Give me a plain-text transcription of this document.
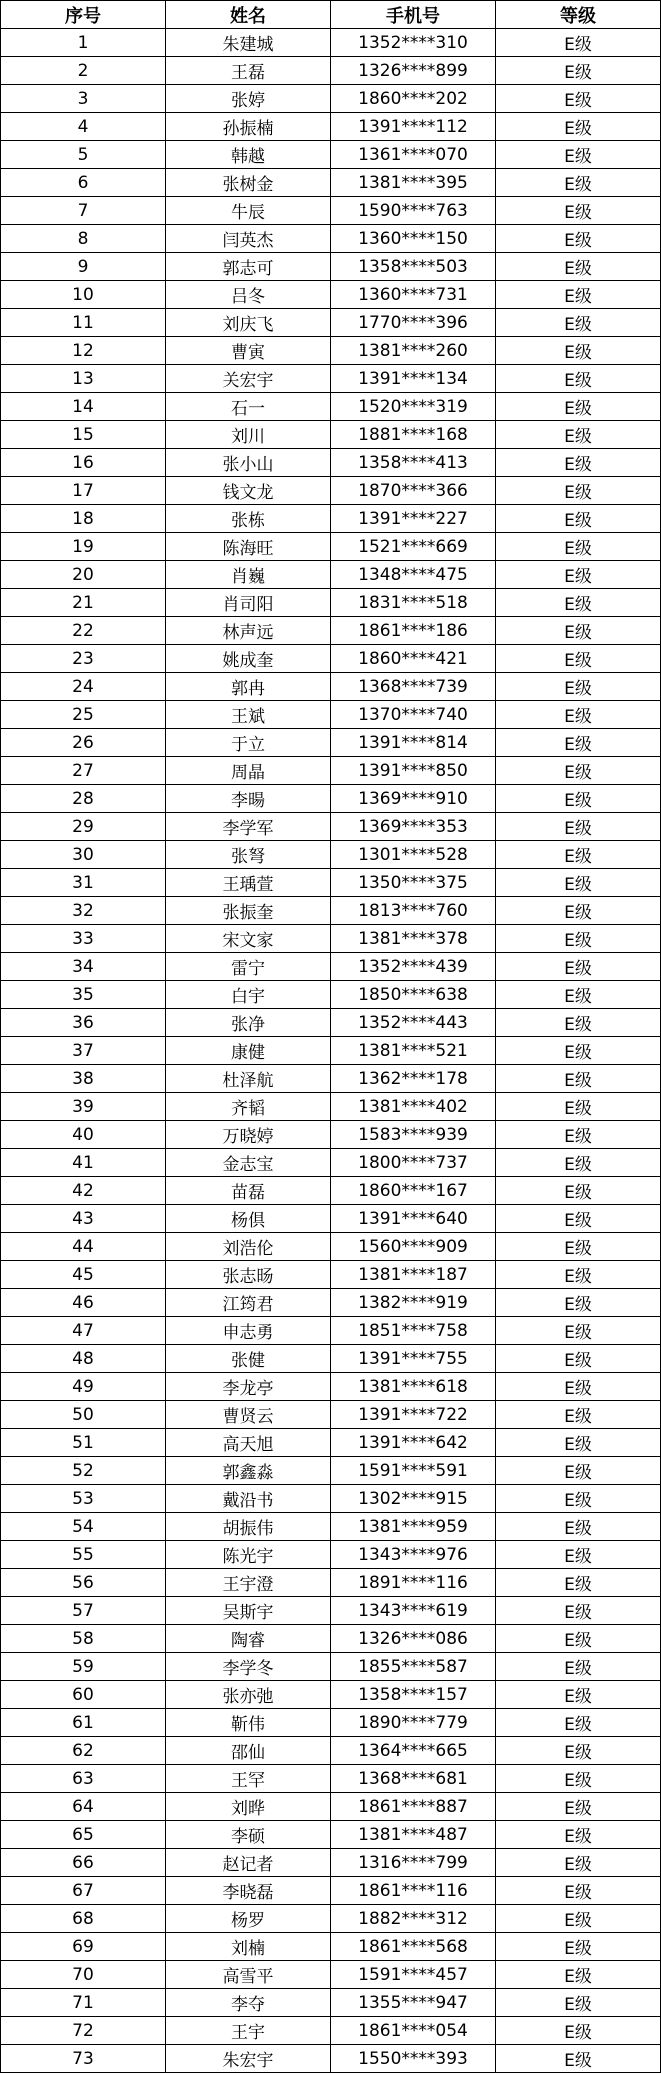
序号	姓名	手机号	等级
1	朱建城	1352****310	E级
2	王磊	1326****899	E级
3	张婷	1860****202	E级
4	孙振楠	1391****112	E级
5	韩越	1361****070	E级
6	张树金	1381****395	E级
7	牛辰	1590****763	E级
8	闫英杰	1360****150	E级
9	郭志可	1358****503	E级
10	吕冬	1360****731	E级
11	刘庆飞	1770****396	E级
12	曹寅	1381****260	E级
13	关宏宇	1391****134	E级
14	石一	1520****319	E级
15	刘川	1881****168	E级
16	张小山	1358****413	E级
17	钱文龙	1870****366	E级
18	张栋	1391****227	E级
19	陈海旺	1521****669	E级
20	肖巍	1348****475	E级
21	肖司阳	1831****518	E级
22	林声远	1861****186	E级
23	姚成奎	1860****421	E级
24	郭冉	1368****739	E级
25	王斌	1370****740	E级
26	于立	1391****814	E级
27	周晶	1391****850	E级
28	李暘	1369****910	E级
29	李学军	1369****353	E级
30	张弩	1301****528	E级
31	王瑀萱	1350****375	E级
32	张振奎	1813****760	E级
33	宋文家	1381****378	E级
34	雷宁	1352****439	E级
35	白宇	1850****638	E级
36	张净	1352****443	E级
37	康健	1381****521	E级
38	杜泽航	1362****178	E级
39	齐韬	1381****402	E级
40	万晓婷	1583****939	E级
41	金志宝	1800****737	E级
42	苗磊	1860****167	E级
43	杨倶	1391****640	E级
44	刘浩伦	1560****909	E级
45	张志旸	1381****187	E级
46	江筠君	1382****919	E级
47	申志勇	1851****758	E级
48	张健	1391****755	E级
49	李龙亭	1381****618	E级
50	曹贤云	1391****722	E级
51	高天旭	1391****642	E级
52	郭鑫淼	1591****591	E级
53	戴沿书	1302****915	E级
54	胡振伟	1381****959	E级
55	陈光宇	1343****976	E级
56	王宇澄	1891****116	E级
57	吴斯宇	1343****619	E级
58	陶睿	1326****086	E级
59	李学冬	1855****587	E级
60	张亦弛	1358****157	E级
61	靳伟	1890****779	E级
62	邵仙	1364****665	E级
63	王罕	1368****681	E级
64	刘晔	1861****887	E级
65	李硕	1381****487	E级
66	赵记者	1316****799	E级
67	李晓磊	1861****116	E级
68	杨罗	1882****312	E级
69	刘楠	1861****568	E级
70	高雪平	1591****457	E级
71	李夺	1355****947	E级
72	王宇	1861****054	E级
73	朱宏宇	1550****393	E级
